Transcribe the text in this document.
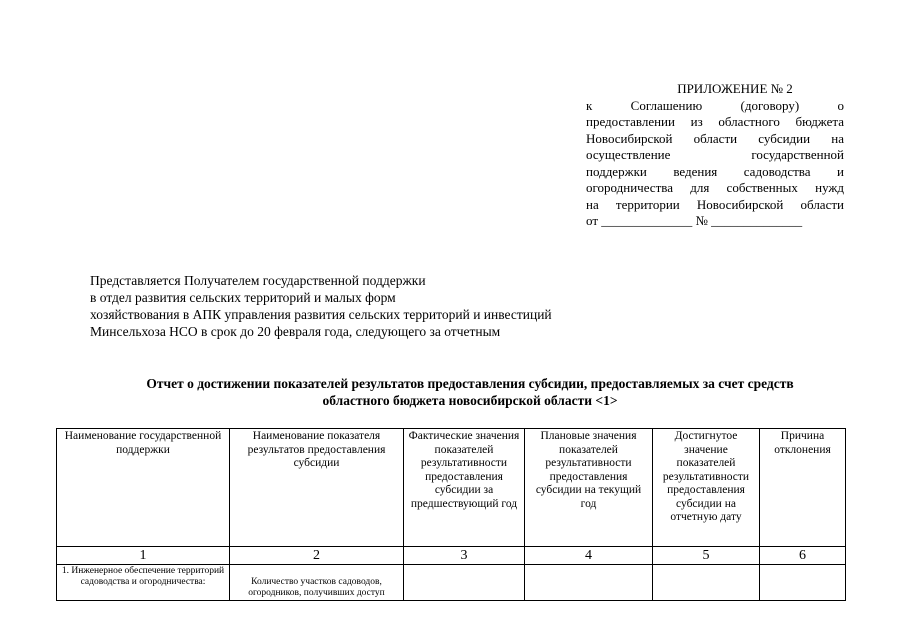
ПРИЛОЖЕНИЕ № 2
к Соглашению (договору) о
предоставлении из областного бюджета
Новосибирской области субсидии на
осуществление государственной
поддержки ведения садоводства и
огородничества для собственных нужд
на территории Новосибирской области
от ______________ № ______________
Представляется Получателем государственной поддержки
в отдел развития сельских территорий и малых форм
хозяйствования в АПК управления развития сельских территорий и инвестиций
Минсельхоза НСО в срок до 20 февраля года, следующего за отчетным
Отчет о достижении показателей результатов предоставления субсидии, предоставляемых за счет средств
областного бюджета новосибирской области <1>
Наименование государственной поддержки	Наименование показателя результатов предоставления субсидии	Фактические значения показателей результативности предоставления субсидии за предшествующий год	Плановые значения показателей результативности предоставления субсидии на текущий год	Достигнутое значение показателей результативности предоставления субсидии на отчетную дату	Причина отклонения
1	2	3	4	5	6
1. Инженерное обеспечение территорий садоводства и огородничества:	Количество участков садоводов, огородников, получивших доступ				
